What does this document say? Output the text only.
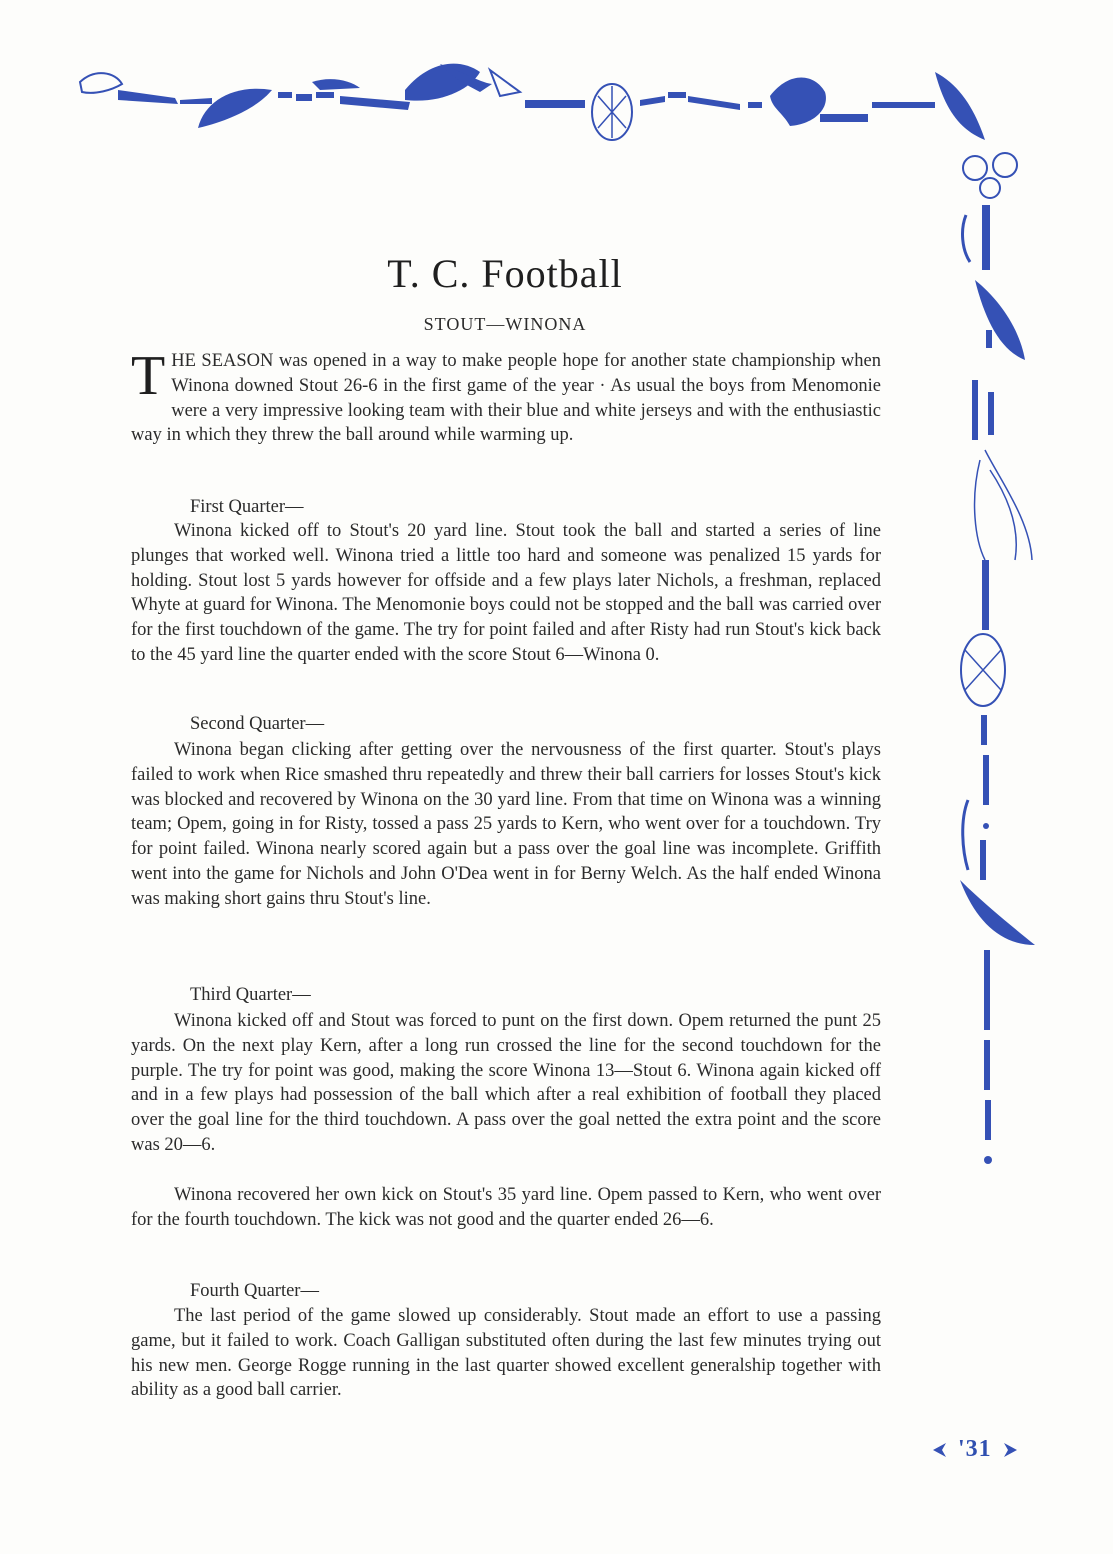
T. C. Football
STOUT—WINONA

THE SEASON was opened in a way to make people hope for another state championship when Winona downed Stout 26-6 in the first game of the year · As usual the boys from Menomonie were a very impressive looking team with their blue and white jerseys and with the enthusiastic way in which they threw the ball around while warming up.

First Quarter—

Winona kicked off to Stout's 20 yard line. Stout took the ball and started a series of line plunges that worked well. Winona tried a little too hard and someone was penalized 15 yards for holding. Stout lost 5 yards however for offside and a few plays later Nichols, a freshman, replaced Whyte at guard for Winona. The Menomonie boys could not be stopped and the ball was carried over for the first touchdown of the game. The try for point failed and after Risty had run Stout's kick back to the 45 yard line the quarter ended with the score Stout 6—Winona 0.

Second Quarter—

Winona began clicking after getting over the nervousness of the first quarter. Stout's plays failed to work when Rice smashed thru repeatedly and threw their ball carriers for losses Stout's kick was blocked and recovered by Winona on the 30 yard line. From that time on Winona was a winning team; Opem, going in for Risty, tossed a pass 25 yards to Kern, who went over for a touchdown. Try for point failed. Winona nearly scored again but a pass over the goal line was incomplete. Griffith went into the game for Nichols and John O'Dea went in for Berny Welch. As the half ended Winona was making short gains thru Stout's line.

Third Quarter—

Winona kicked off and Stout was forced to punt on the first down. Opem returned the punt 25 yards. On the next play Kern, after a long run crossed the line for the second touchdown for the purple. The try for point was good, making the score Winona 13—Stout 6. Winona again kicked off and in a few plays had possession of the ball which after a real exhibition of football they placed over the goal line for the third touchdown. A pass over the goal netted the extra point and the score was 20—6.

Winona recovered her own kick on Stout's 35 yard line. Opem passed to Kern, who went over for the fourth touchdown. The kick was not good and the quarter ended 26—6.

Fourth Quarter—

The last period of the game slowed up considerably. Stout made an effort to use a passing game, but it failed to work. Coach Galligan substituted often during the last few minutes trying out his new men. George Rogge running in the last quarter showed excellent generalship together with ability as a good ball carrier.

'31
